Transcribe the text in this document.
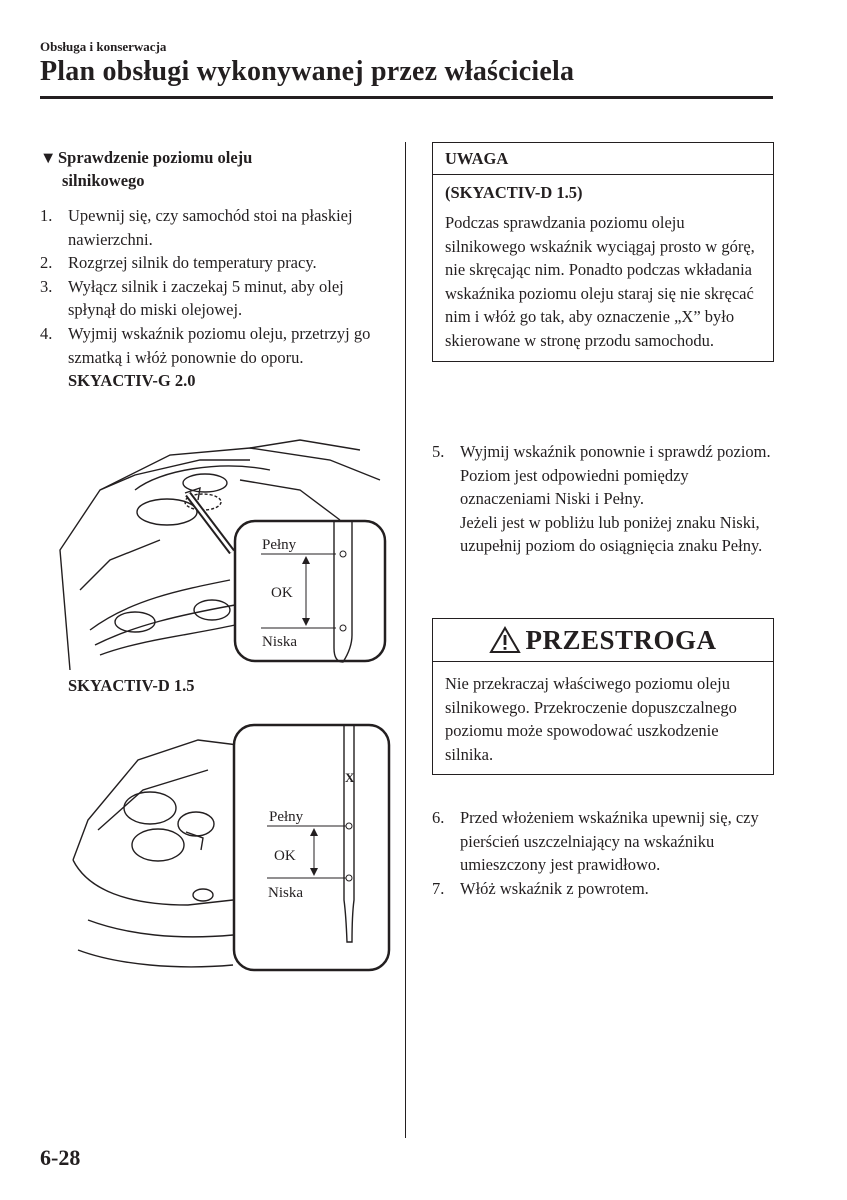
Obsługa i konserwacja
Plan obsługi wykonywanej przez właściciela
▼ Sprawdzenie poziomu oleju
silnikowego
1. Upewnij się, czy samochód stoi na płaskiej nawierzchni.
2. Rozgrzej silnik do temperatury pracy.
3. Wyłącz silnik i zaczekaj 5 minut, aby olej spłynął do miski olejowej.
4. Wyjmij wskaźnik poziomu oleju, przetrzyj go szmatką i włóż ponownie do oporu.
SKYACTIV-G 2.0
Pełny
OK
Niska
SKYACTIV-D 1.5
X
Pełny
OK
Niska
UWAGA
(SKYACTIV-D 1.5)
Podczas sprawdzania poziomu oleju silnikowego wskaźnik wyciągaj prosto w górę, nie skręcając nim. Ponadto podczas wkładania wskaźnika poziomu oleju staraj się nie skręcać nim i włóż go tak, aby oznaczenie „X” było skierowane w stronę przodu samochodu.
5. Wyjmij wskaźnik ponownie i sprawdź poziom.
Poziom jest odpowiedni pomiędzy oznaczeniami Niski i Pełny.
Jeżeli jest w pobliżu lub poniżej znaku Niski, uzupełnij poziom do osiągnięcia znaku Pełny.
PRZESTROGA
Nie przekraczaj właściwego poziomu oleju silnikowego. Przekroczenie dopuszczalnego poziomu może spowodować uszkodzenie silnika.
6. Przed włożeniem wskaźnika upewnij się, czy pierścień uszczelniający na wskaźniku umieszczony jest prawidłowo.
7. Włóż wskaźnik z powrotem.
6-28
